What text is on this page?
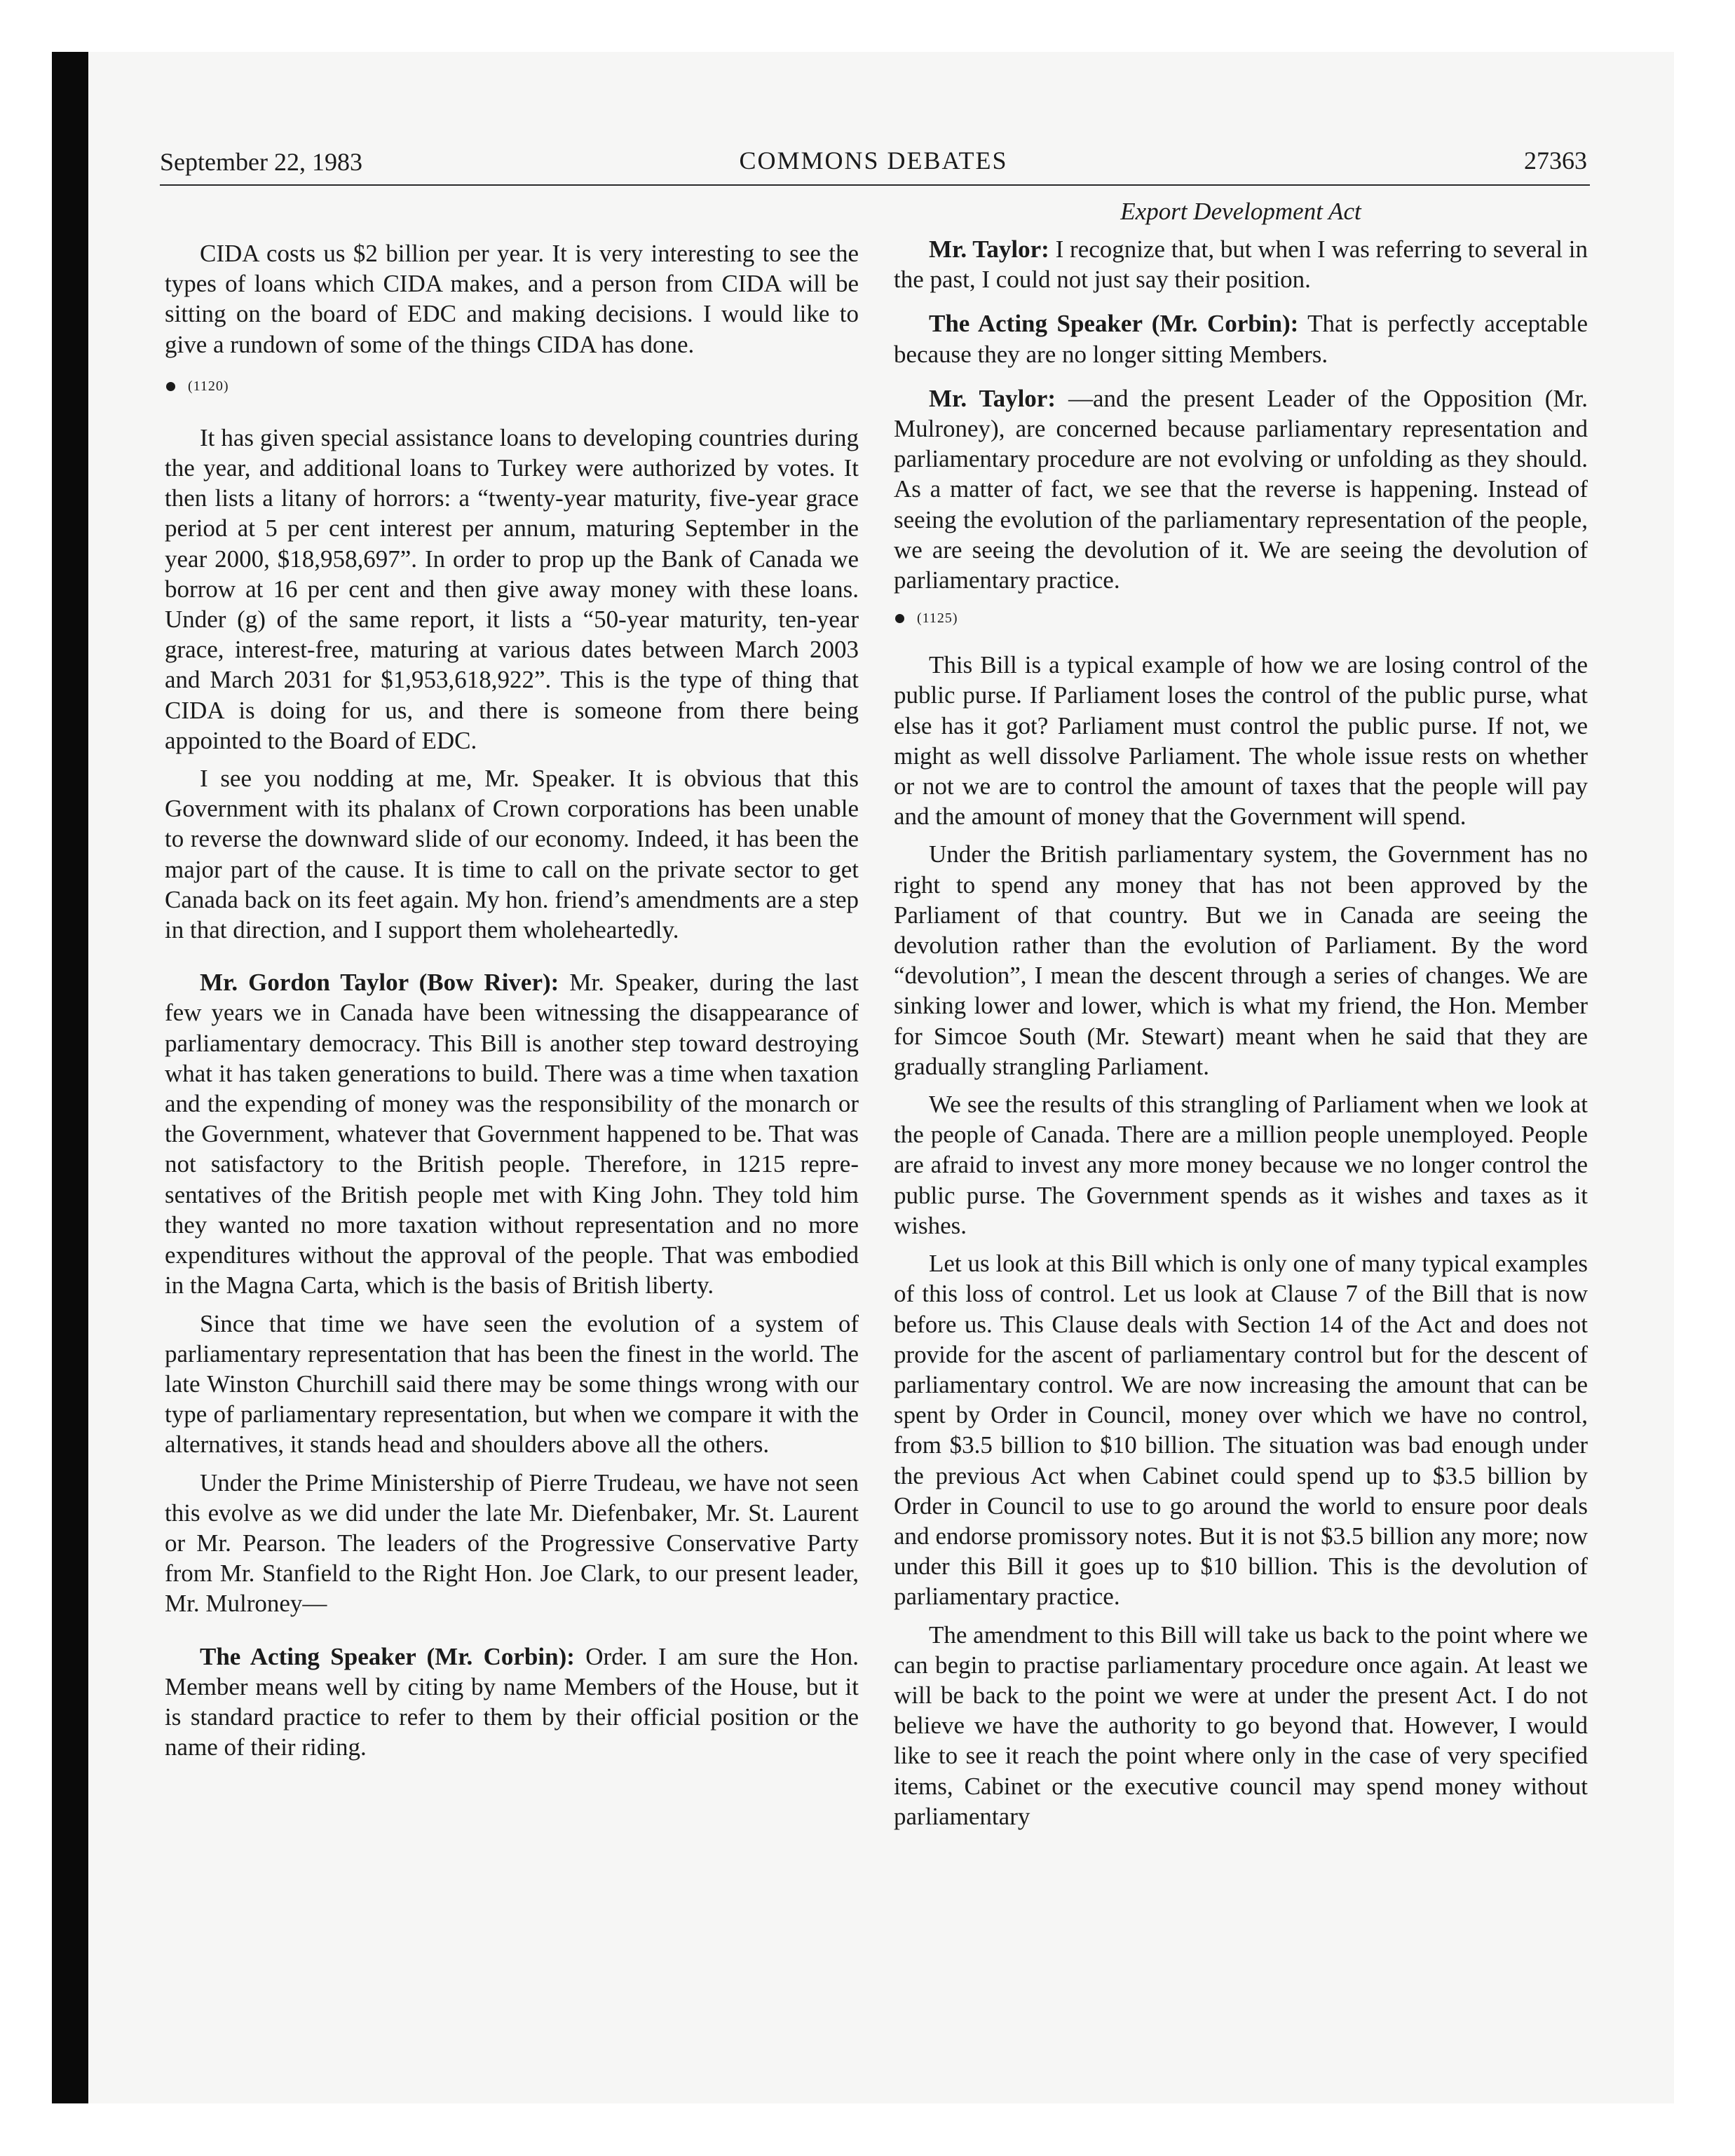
September 22, 1983	COMMONS DEBATES	27363
Export Development Act

CIDA costs us $2 billion per year. It is very interesting to see the types of loans which CIDA makes, and a person from CIDA will be sitting on the board of EDC and making decisions. I would like to give a rundown of some of the things CIDA has done.

(1120)

It has given special assistance loans to developing countries during the year, and additional loans to Turkey were authorized by votes. It then lists a litany of horrors: a “twenty-year maturity, five-year grace period at 5 per cent interest per annum, maturing September in the year 2000, $18,958,697”. In order to prop up the Bank of Canada we borrow at 16 per cent and then give away money with these loans. Under (g) of the same report, it lists a “50-year maturity, ten-year grace, interest-free, maturing at various dates between March 2003 and March 2031 for $1,953,618,922”. This is the type of thing that CIDA is doing for us, and there is someone from there being appointed to the Board of EDC.

I see you nodding at me, Mr. Speaker. It is obvious that this Government with its phalanx of Crown corporations has been unable to reverse the downward slide of our economy. Indeed, it has been the major part of the cause. It is time to call on the private sector to get Canada back on its feet again. My hon. friend’s amendments are a step in that direction, and I support them wholeheartedly.

Mr. Gordon Taylor (Bow River): Mr. Speaker, during the last few years we in Canada have been witnessing the disappearance of parliamentary democracy. This Bill is another step toward destroying what it has taken generations to build. There was a time when taxation and the expending of money was the responsibility of the monarch or the Government, whatever that Government happened to be. That was not satisfactory to the British people. Therefore, in 1215 representatives of the British people met with King John. They told him they wanted no more taxation without representation and no more expenditures without the approval of the people. That was embodied in the Magna Carta, which is the basis of British liberty.

Since that time we have seen the evolution of a system of parliamentary representation that has been the finest in the world. The late Winston Churchill said there may be some things wrong with our type of parliamentary representation, but when we compare it with the alternatives, it stands head and shoulders above all the others.

Under the Prime Ministership of Pierre Trudeau, we have not seen this evolve as we did under the late Mr. Diefenbaker, Mr. St. Laurent or Mr. Pearson. The leaders of the Progressive Conservative Party from Mr. Stanfield to the Right Hon. Joe Clark, to our present leader, Mr. Mulroney—

The Acting Speaker (Mr. Corbin): Order. I am sure the Hon. Member means well by citing by name Members of the House, but it is standard practice to refer to them by their official position or the name of their riding.

Mr. Taylor: I recognize that, but when I was referring to several in the past, I could not just say their position.

The Acting Speaker (Mr. Corbin): That is perfectly acceptable because they are no longer sitting Members.

Mr. Taylor: —and the present Leader of the Opposition (Mr. Mulroney), are concerned because parliamentary representation and parliamentary procedure are not evolving or unfolding as they should. As a matter of fact, we see that the reverse is happening. Instead of seeing the evolution of the parliamentary representation of the people, we are seeing the devolution of it. We are seeing the devolution of parliamentary practice.

(1125)

This Bill is a typical example of how we are losing control of the public purse. If Parliament loses the control of the public purse, what else has it got? Parliament must control the public purse. If not, we might as well dissolve Parliament. The whole issue rests on whether or not we are to control the amount of taxes that the people will pay and the amount of money that the Government will spend.

Under the British parliamentary system, the Government has no right to spend any money that has not been approved by the Parliament of that country. But we in Canada are seeing the devolution rather than the evolution of Parliament. By the word “devolution”, I mean the descent through a series of changes. We are sinking lower and lower, which is what my friend, the Hon. Member for Simcoe South (Mr. Stewart) meant when he said that they are gradually strangling Parliament.

We see the results of this strangling of Parliament when we look at the people of Canada. There are a million people unemployed. People are afraid to invest any more money because we no longer control the public purse. The Government spends as it wishes and taxes as it wishes.

Let us look at this Bill which is only one of many typical examples of this loss of control. Let us look at Clause 7 of the Bill that is now before us. This Clause deals with Section 14 of the Act and does not provide for the ascent of parliamentary control but for the descent of parliamentary control. We are now increasing the amount that can be spent by Order in Council, money over which we have no control, from $3.5 billion to $10 billion. The situation was bad enough under the previous Act when Cabinet could spend up to $3.5 billion by Order in Council to use to go around the world to ensure poor deals and endorse promissory notes. But it is not $3.5 billion any more; now under this Bill it goes up to $10 billion. This is the devolution of parliamentary practice.

The amendment to this Bill will take us back to the point where we can begin to practise parliamentary procedure once again. At least we will be back to the point we were at under the present Act. I do not believe we have the authority to go beyond that. However, I would like to see it reach the point where only in the case of very specified items, Cabinet or the executive council may spend money without parliamentary
